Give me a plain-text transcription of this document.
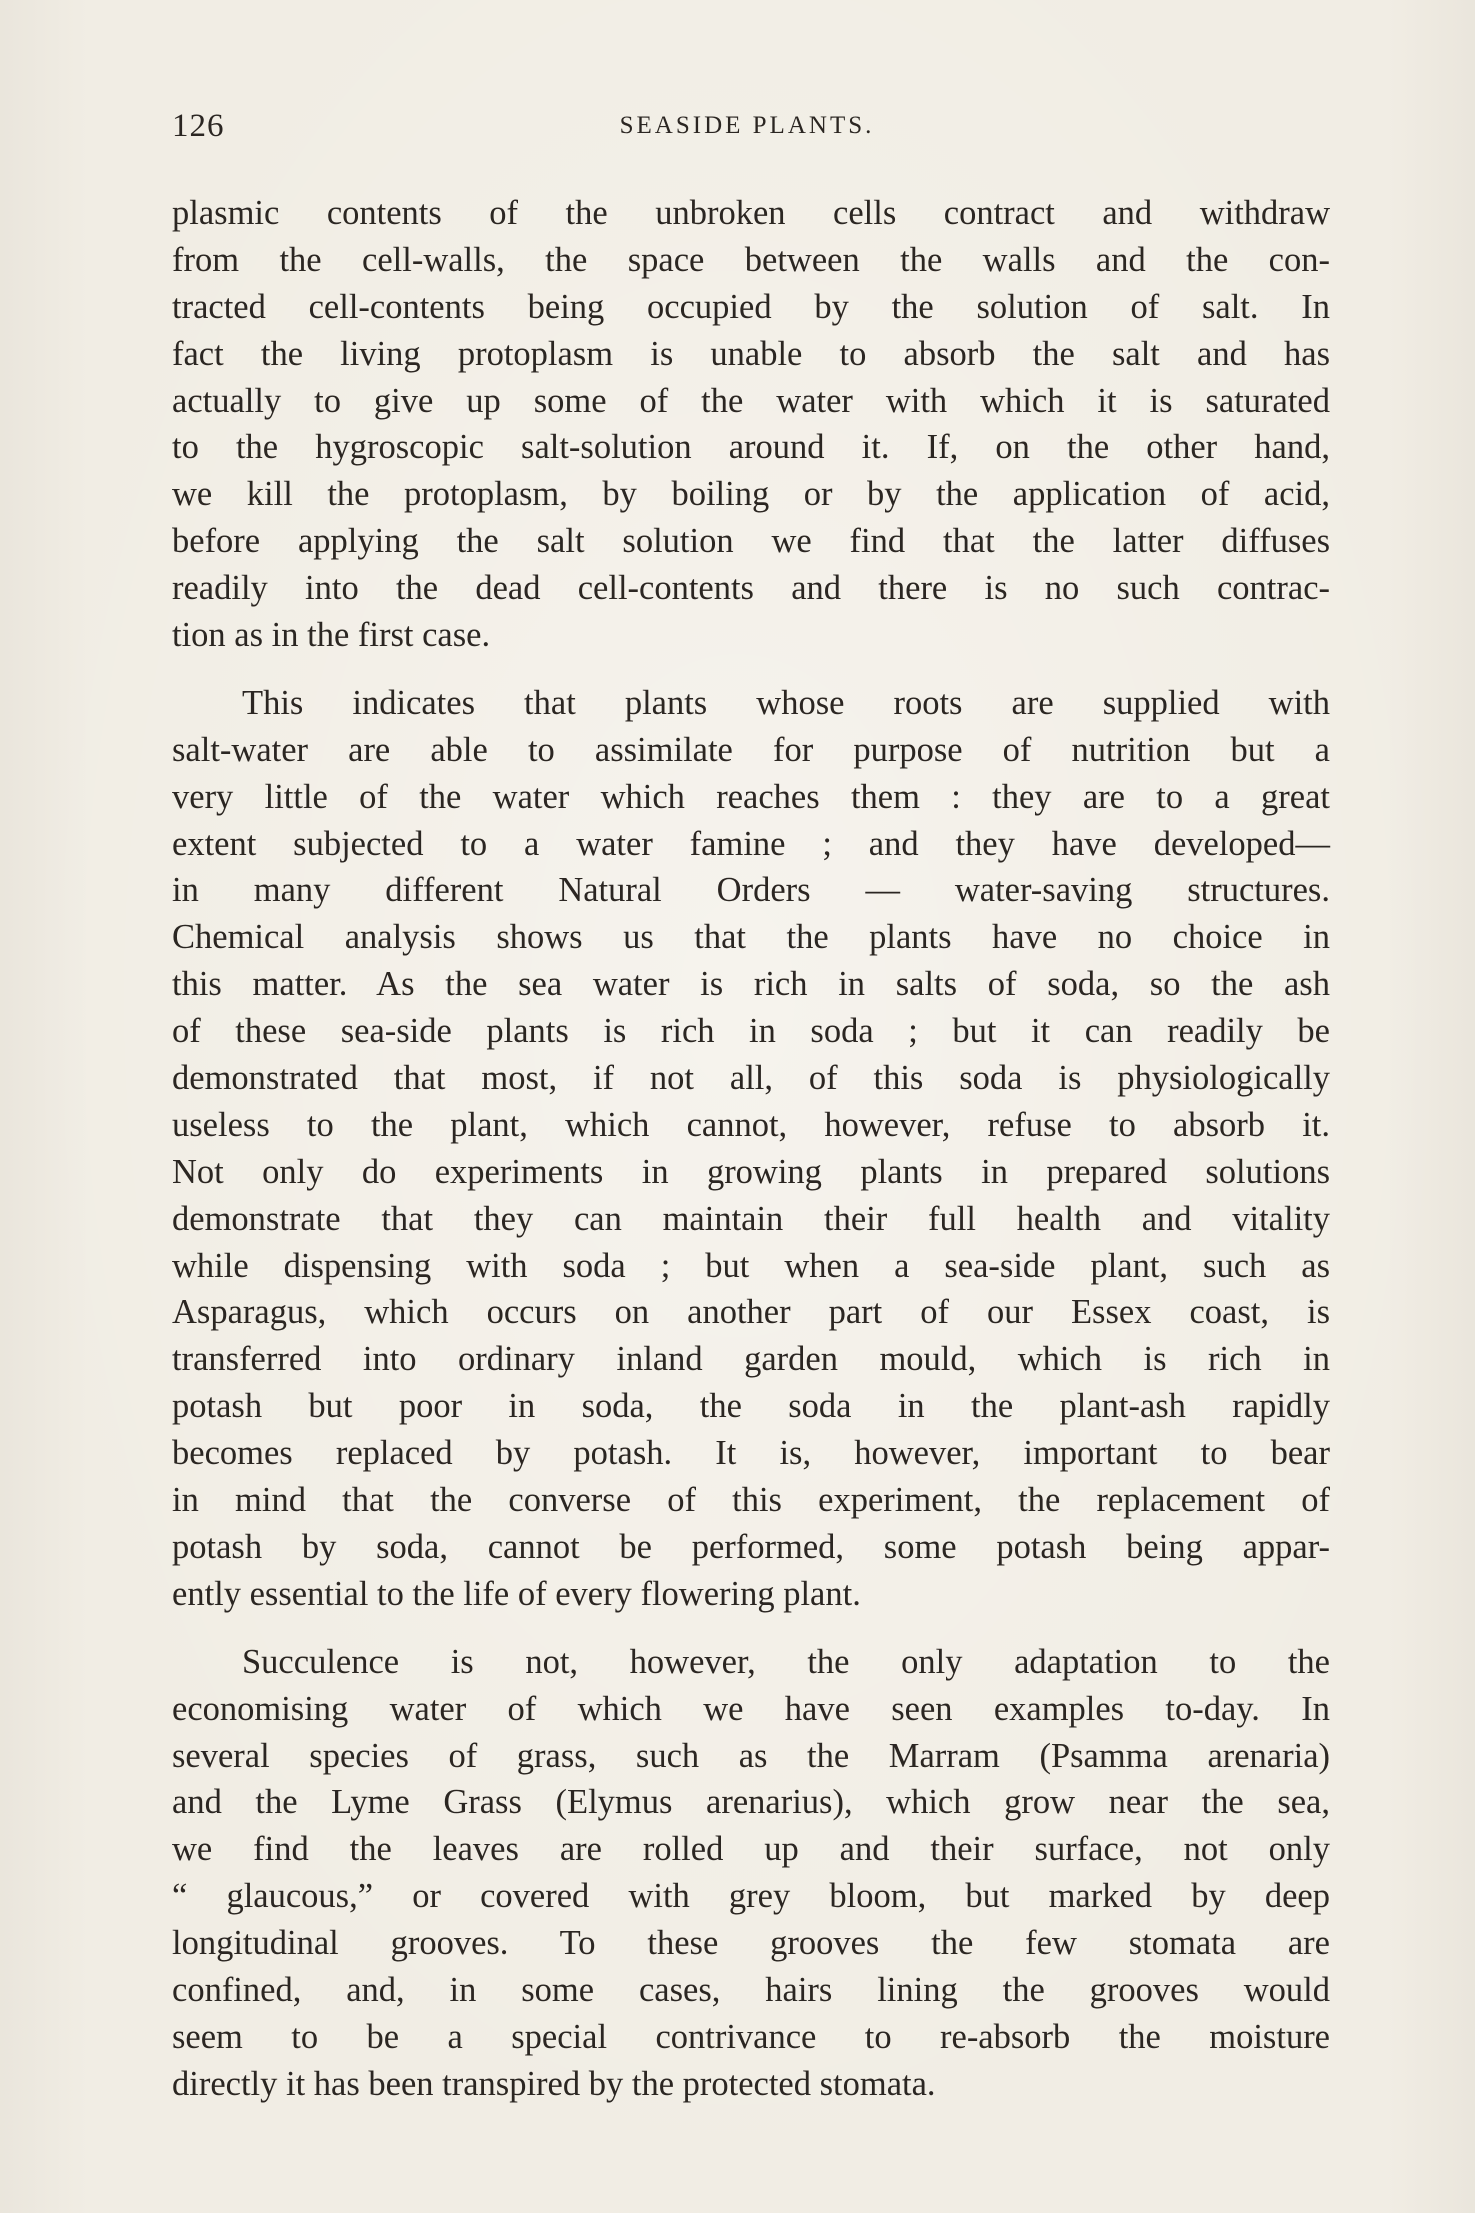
126	SEASIDE PLANTS.
plasmic contents of the unbroken cells contract and withdraw
from the cell-walls, the space between the walls and the con-
tracted cell-contents being occupied by the solution of salt. In
fact the living protoplasm is unable to absorb the salt and has
actually to give up some of the water with which it is saturated
to the hygroscopic salt-solution around it. If, on the other hand,
we kill the protoplasm, by boiling or by the application of acid,
before applying the salt solution we find that the latter diffuses
readily into the dead cell-contents and there is no such contrac-
tion as in the first case.
This indicates that plants whose roots are supplied with
salt-water are able to assimilate for purpose of nutrition but a
very little of the water which reaches them : they are to a great
extent subjected to a water famine ; and they have developed—
in many different Natural Orders — water-saving structures.
Chemical analysis shows us that the plants have no choice in
this matter. As the sea water is rich in salts of soda, so the ash
of these sea-side plants is rich in soda ; but it can readily be
demonstrated that most, if not all, of this soda is physiologically
useless to the plant, which cannot, however, refuse to absorb it.
Not only do experiments in growing plants in prepared solutions
demonstrate that they can maintain their full health and vitality
while dispensing with soda ; but when a sea-side plant, such as
Asparagus, which occurs on another part of our Essex coast, is
transferred into ordinary inland garden mould, which is rich in
potash but poor in soda, the soda in the plant-ash rapidly
becomes replaced by potash. It is, however, important to bear
in mind that the converse of this experiment, the replacement of
potash by soda, cannot be performed, some potash being appar-
ently essential to the life of every flowering plant.
Succulence is not, however, the only adaptation to the
economising water of which we have seen examples to-day. In
several species of grass, such as the Marram (Psamma arenaria)
and the Lyme Grass (Elymus arenarius), which grow near the sea,
we find the leaves are rolled up and their surface, not only
“ glaucous,” or covered with grey bloom, but marked by deep
longitudinal grooves. To these grooves the few stomata are
confined, and, in some cases, hairs lining the grooves would
seem to be a special contrivance to re-absorb the moisture
directly it has been transpired by the protected stomata.
